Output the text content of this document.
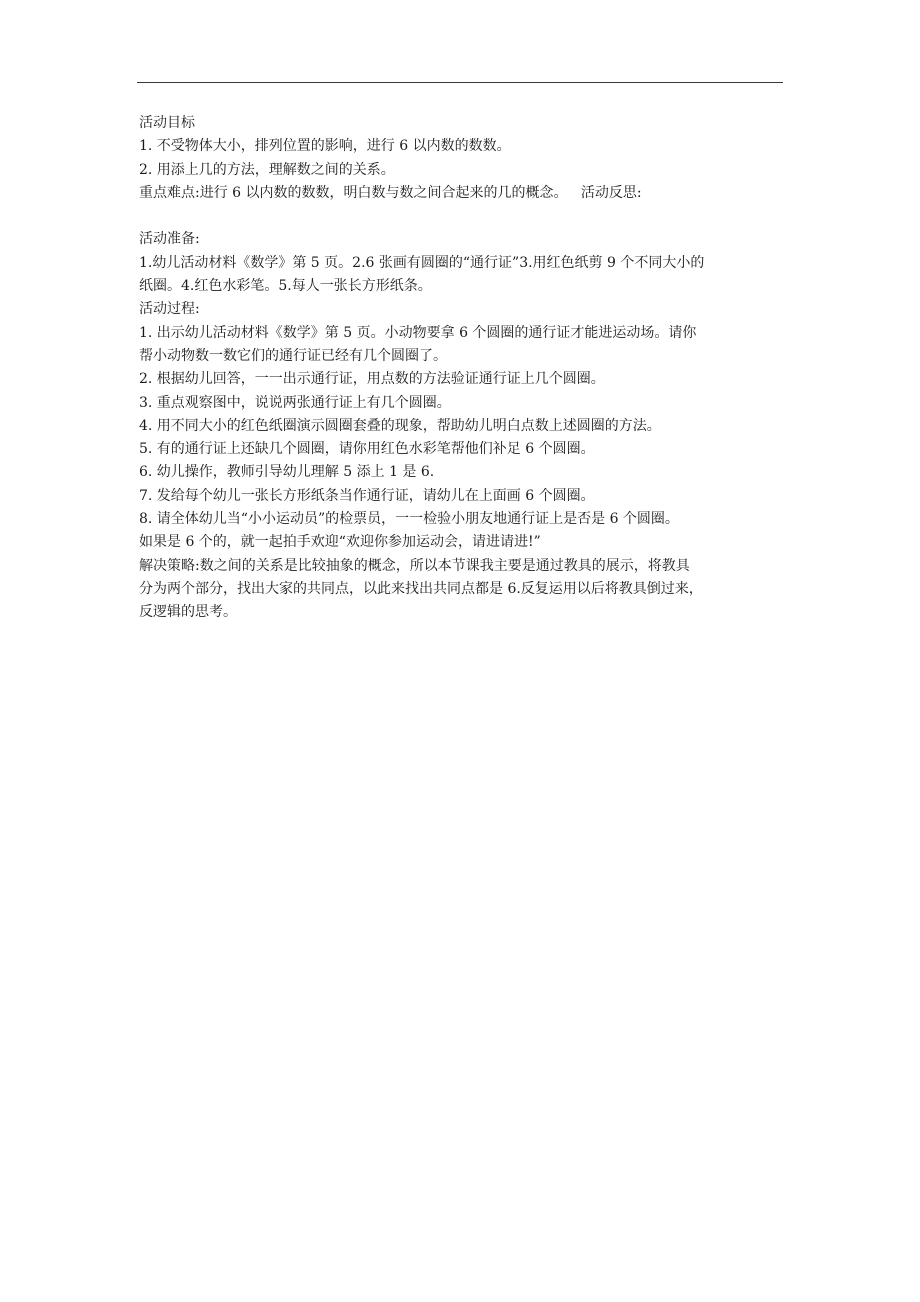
活动目标

1. 不受物体大小，排列位置的影响，进行 6 以内数的数数。

2. 用添上几的方法，理解数之间的关系。

重点难点:进行 6 以内数的数数，明白数与数之间合起来的几的概念。 活动反思:

活动准备:

1.幼儿活动材料《数学》第 5 页。2.6 张画有圆圈的“通行证”3.用红色纸剪 9 个不同大小的

纸圈。4.红色水彩笔。5.每人一张长方形纸条。

活动过程:

1. 出示幼儿活动材料《数学》第 5 页。小动物要拿 6 个圆圈的通行证才能进运动场。请你

帮小动物数一数它们的通行证已经有几个圆圈了。

2. 根据幼儿回答，一一出示通行证，用点数的方法验证通行证上几个圆圈。

3. 重点观察图中，说说两张通行证上有几个圆圈。

4. 用不同大小的红色纸圈演示圆圈套叠的现象，帮助幼儿明白点数上述圆圈的方法。

5. 有的通行证上还缺几个圆圈，请你用红色水彩笔帮他们补足 6 个圆圈。

6. 幼儿操作，教师引导幼儿理解 5 添上 1 是 6.

7. 发给每个幼儿一张长方形纸条当作通行证，请幼儿在上面画 6 个圆圈。

8. 请全体幼儿当“小小运动员”的检票员，一一检验小朋友地通行证上是否是 6 个圆圈。

如果是 6 个的，就一起拍手欢迎“欢迎你参加运动会，请进请进!”

解决策略:数之间的关系是比较抽象的概念，所以本节课我主要是通过教具的展示，将教具

分为两个部分，找出大家的共同点，以此来找出共同点都是 6.反复运用以后将教具倒过来，

反逻辑的思考。
